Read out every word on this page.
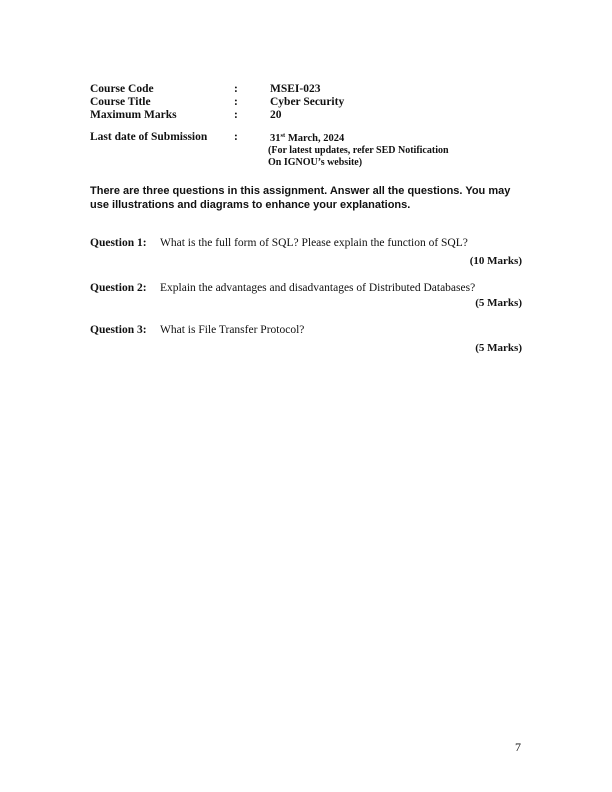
Course Code	:	MSEI-023
Course Title	:	Cyber Security
Maximum Marks	:	20
Last date of Submission :	31st March, 2024
(For latest updates, refer SED Notification
On IGNOU’s website)
There are three questions in this assignment. Answer all the questions. You may use illustrations and diagrams to enhance your explanations.
Question 1: What is the full form of SQL? Please explain the function of SQL?
(10 Marks)
Question 2: Explain the advantages and disadvantages of Distributed Databases?
(5 Marks)
Question 3: What is File Transfer Protocol?
(5 Marks)
7
